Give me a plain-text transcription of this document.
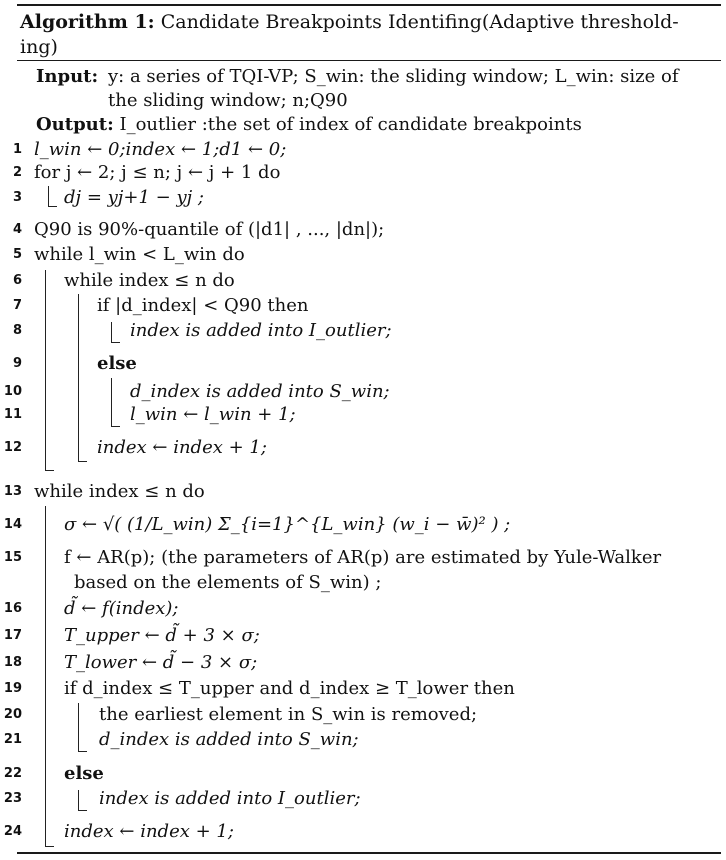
Algorithm 1: Candidate Breakpoints Identifing(Adaptive threshold-
ing)
Input: y: a series of TQI-VP; S_win: the sliding window; L_win: size of
the sliding window; n;Q90
Output: I_outlier :the set of index of candidate breakpoints
1 l_win ← 0;index ← 1;d1 ← 0;
2 for j ← 2; j ≤ n; j ← j + 1 do
3 dj = yj+1 − yj ;
4 Q90 is 90%-quantile of (|d1| , ..., |dn|);
5 while l_win < L_win do
6 while index ≤ n do
7	if |d_index| < Q90 then
8	index is added into I_outlier;
9	else
10	d_index is added into S_win;
11	l_win ← l_win + 1;
12	index ← index + 1;
13 while index ≤ n do
14 σ ← √( (1/L_win) Σ_{i=1}^{L_win} (w_i − w̄)² ) ;
15 f ← AR(p); (the parameters of AR(p) are estimated by Yule-Walker
based on the elements of S_win) ;
16 d̃ ← f(index);
17 T_upper ← d̃ + 3 × σ;
18 T_lower ← d̃ − 3 × σ;
19 if d_index ≤ T_upper and d_index ≥ T_lower then
20	the earliest element in S_win is removed;
21	d_index is added into S_win;
22 else
23	index is added into I_outlier;
24 index ← index + 1;
